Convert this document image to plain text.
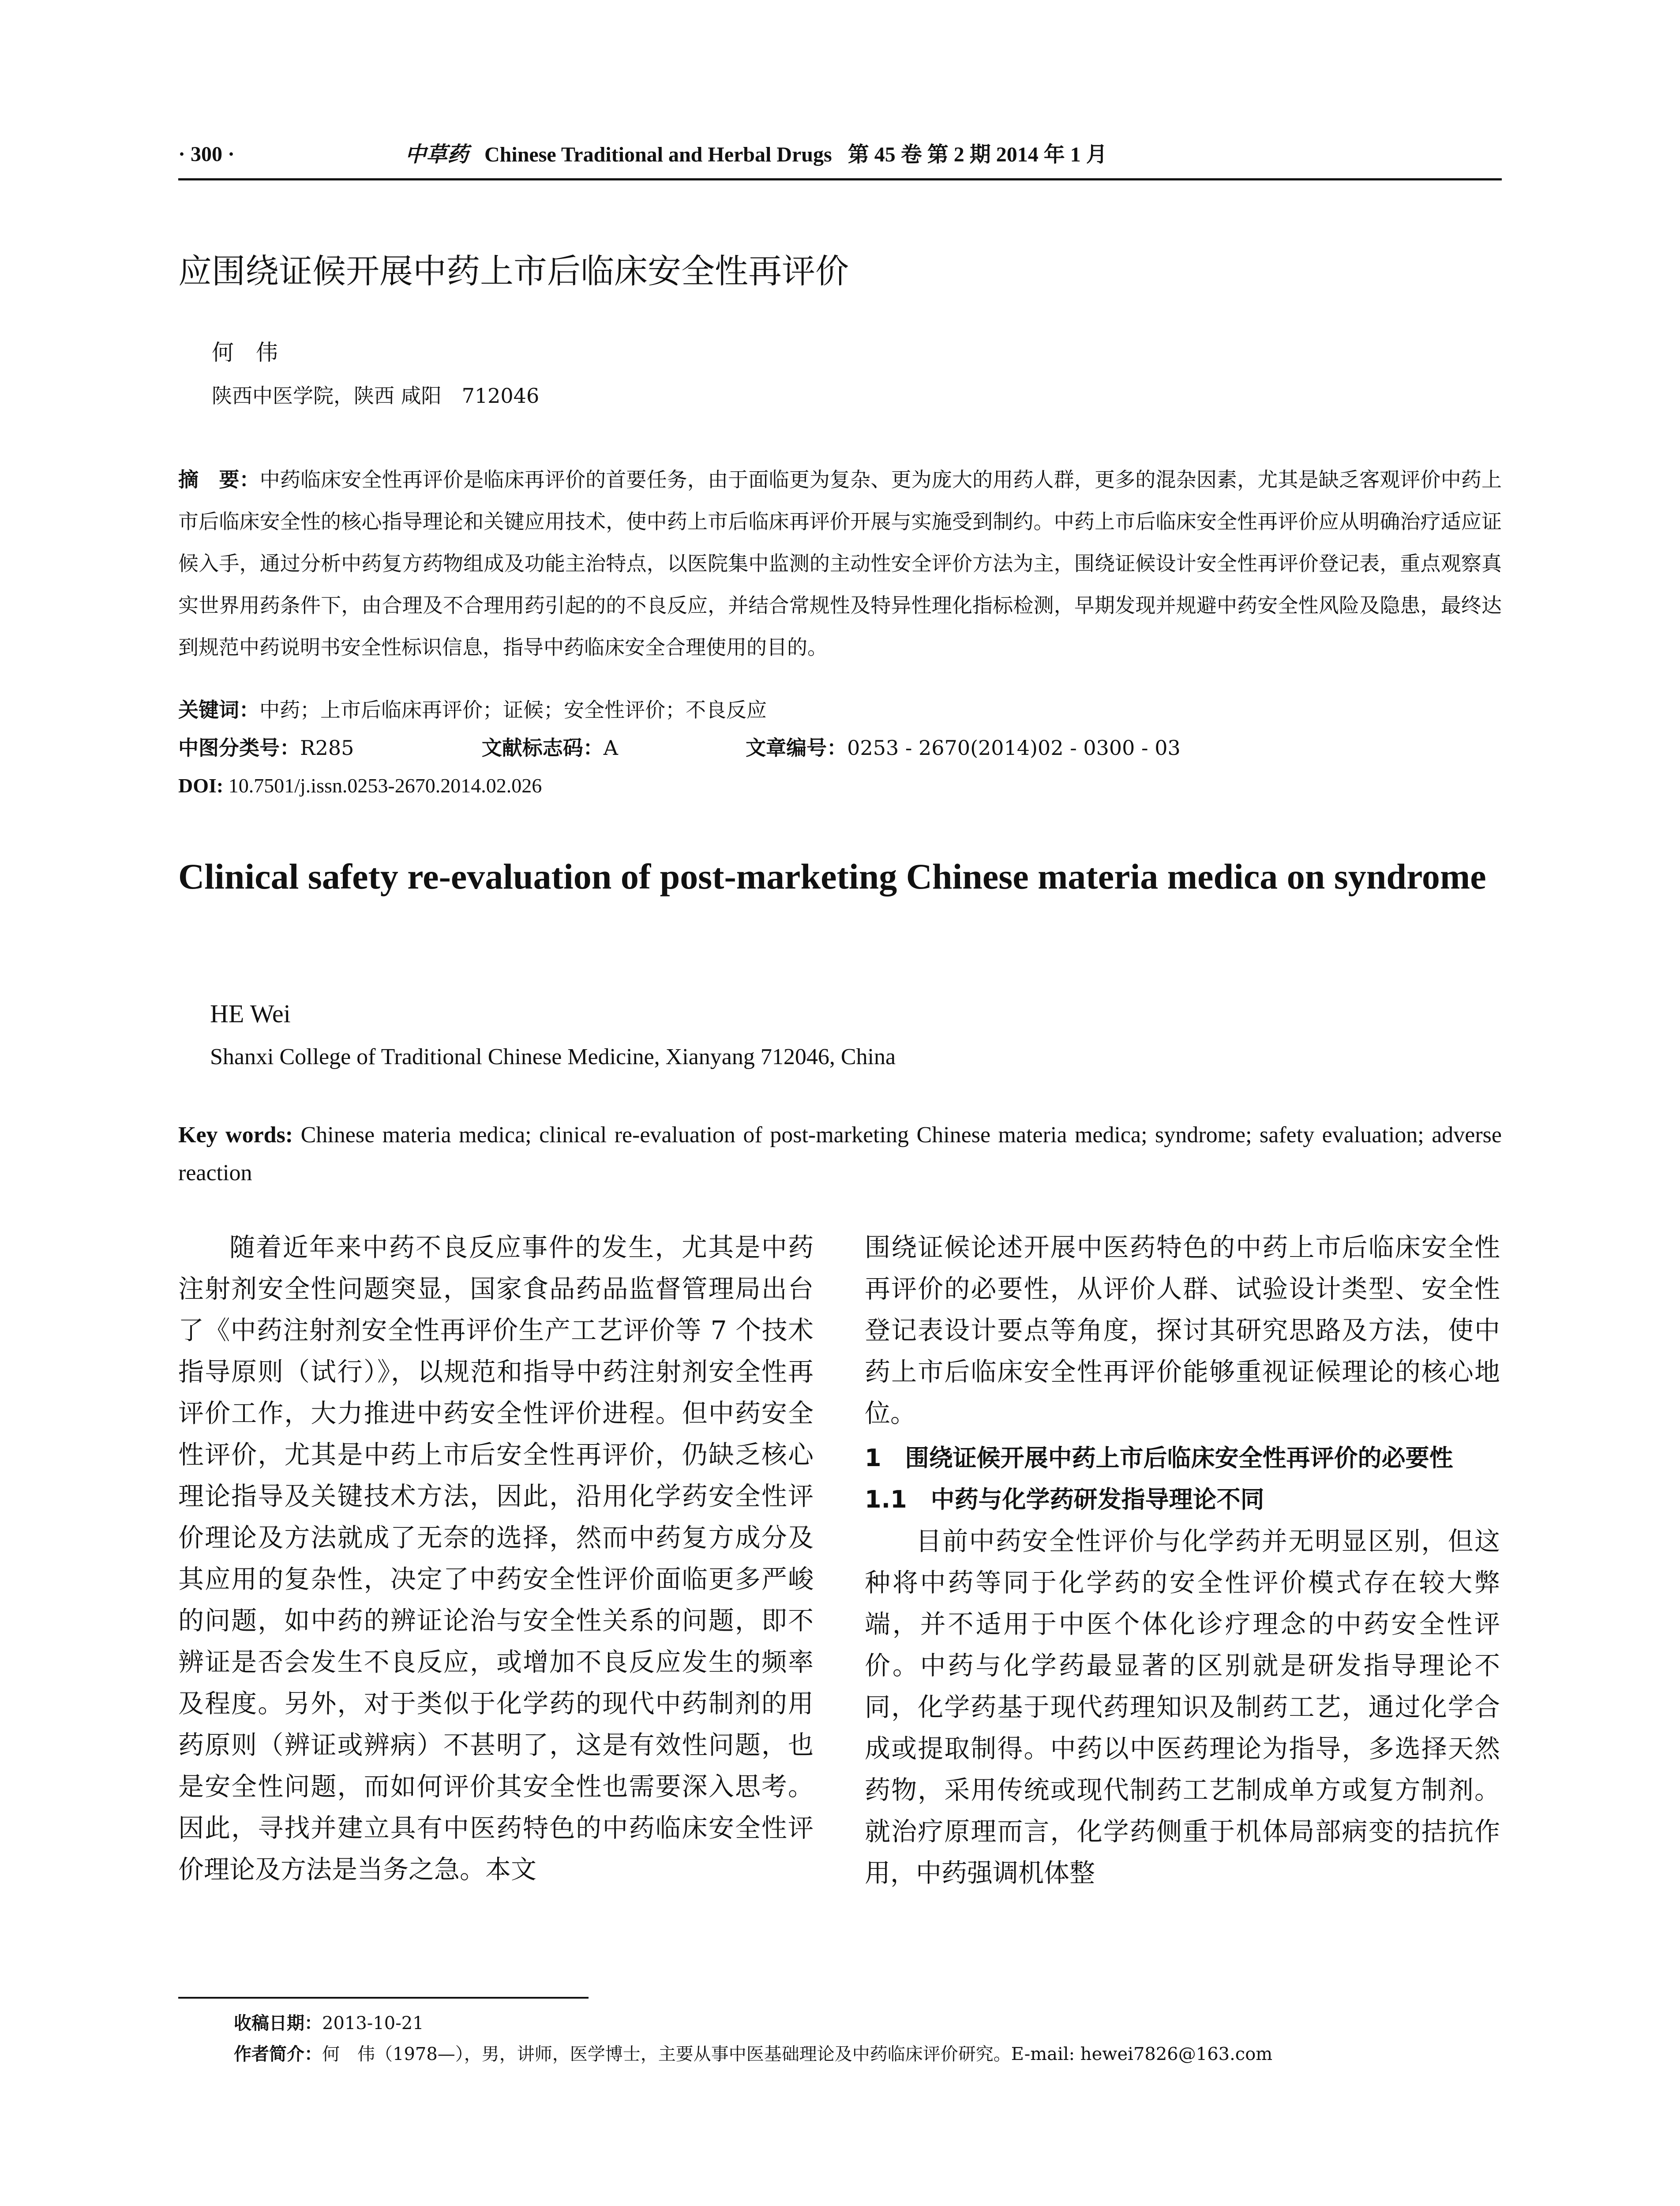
· 300 ·	中草药 Chinese Traditional and Herbal Drugs 第 45 卷 第 2 期 2014 年 1 月
应围绕证候开展中药上市后临床安全性再评价
何伟
陕西中医学院，陕西 咸阳　712046
摘　要：中药临床安全性再评价是临床再评价的首要任务，由于面临更为复杂、更为庞大的用药人群，更多的混杂因素，尤其是缺乏客观评价中药上市后临床安全性的核心指导理论和关键应用技术，使中药上市后临床再评价开展与实施受到制约。中药上市后临床安全性再评价应从明确治疗适应证候入手，通过分析中药复方药物组成及功能主治特点，以医院集中监测的主动性安全评价方法为主，围绕证候设计安全性再评价登记表，重点观察真实世界用药条件下，由合理及不合理用药引起的的不良反应，并结合常规性及特异性理化指标检测，早期发现并规避中药安全性风险及隐患，最终达到规范中药说明书安全性标识信息，指导中药临床安全合理使用的目的。
关键词：中药；上市后临床再评价；证候；安全性评价；不良反应
中图分类号：R285	文献标志码：A	文章编号：0253 - 2670(2014)02 - 0300 - 03
DOI: 10.7501/j.issn.0253-2670.2014.02.026
Clinical safety re-evaluation of post-marketing Chinese materia medica on syndrome
HE Wei
Shanxi College of Traditional Chinese Medicine, Xianyang 712046, China
Key words: Chinese materia medica; clinical re-evaluation of post-marketing Chinese materia medica; syndrome; safety evaluation; adverse reaction

随着近年来中药不良反应事件的发生，尤其是中药注射剂安全性问题突显，国家食品药品监督管理局出台了《中药注射剂安全性再评价生产工艺评价等 7 个技术指导原则（试行）》，以规范和指导中药注射剂安全性再评价工作，大力推进中药安全性评价进程。但中药安全性评价，尤其是中药上市后安全性再评价，仍缺乏核心理论指导及关键技术方法，因此，沿用化学药安全性评价理论及方法就成了无奈的选择，然而中药复方成分及其应用的复杂性，决定了中药安全性评价面临更多严峻的问题，如中药的辨证论治与安全性关系的问题，即不辨证是否会发生不良反应，或增加不良反应发生的频率及程度。另外，对于类似于化学药的现代中药制剂的用药原则（辨证或辨病）不甚明了，这是有效性问题，也是安全性问题，而如何评价其安全性也需要深入思考。因此，寻找并建立具有中医药特色的中药临床安全性评价理论及方法是当务之急。本文

围绕证候论述开展中医药特色的中药上市后临床安全性再评价的必要性，从评价人群、试验设计类型、安全性登记表设计要点等角度，探讨其研究思路及方法，使中药上市后临床安全性再评价能够重视证候理论的核心地位。

1　围绕证候开展中药上市后临床安全性再评价的必要性

1.1　中药与化学药研发指导理论不同

目前中药安全性评价与化学药并无明显区别，但这种将中药等同于化学药的安全性评价模式存在较大弊端，并不适用于中医个体化诊疗理念的中药安全性评价。中药与化学药最显著的区别就是研发指导理论不同，化学药基于现代药理知识及制药工艺，通过化学合成或提取制得。中药以中医药理论为指导，多选择天然药物，采用传统或现代制药工艺制成单方或复方制剂。就治疗原理而言，化学药侧重于机体局部病变的拮抗作用，中药强调机体整

收稿日期：2013-10-21
作者简介：何　伟（1978—），男，讲师，医学博士，主要从事中医基础理论及中药临床评价研究。E-mail: hewei7826@163.com
